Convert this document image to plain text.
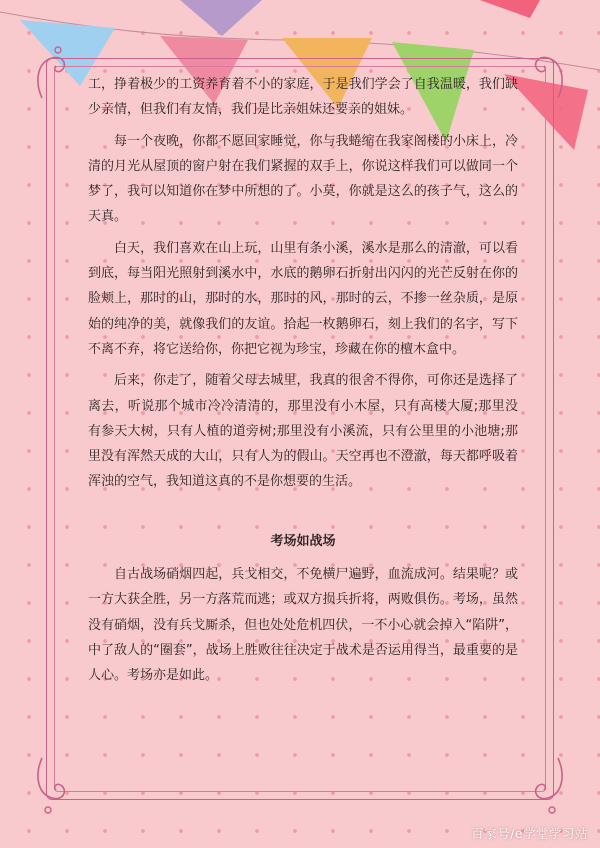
工，挣着极少的工资养育着不小的家庭，于是我们学会了自我温暖，我们缺少亲情，但我们有友情，我们是比亲姐妹还要亲的姐妹。

每一个夜晚，你都不愿回家睡觉，你与我蜷缩在我家阁楼的小床上，冷清的月光从屋顶的窗户射在我们紧握的双手上，你说这样我们可以做同一个梦了，我可以知道你在梦中所想的了。小莫，你就是这么的孩子气，这么的天真。

白天，我们喜欢在山上玩，山里有条小溪，溪水是那么的清澈，可以看到底，每当阳光照射到溪水中，水底的鹅卵石折射出闪闪的光芒反射在你的脸颊上，那时的山，那时的水，那时的风，那时的云，不掺一丝杂质，是原始的纯净的美，就像我们的友谊。拾起一枚鹅卵石，刻上我们的名字，写下不离不弃，将它送给你，你把它视为珍宝，珍藏在你的檀木盒中。

后来，你走了，随着父母去城里，我真的很舍不得你，可你还是选择了离去，听说那个城市冷冷清清的，那里没有小木屋，只有高楼大厦;那里没有参天大树，只有人植的道旁树;那里没有小溪流，只有公里里的小池塘;那里没有浑然天成的大山，只有人为的假山。天空再也不澄澈，每天都呼吸着浑浊的空气，我知道这真的不是你想要的生活。

考场如战场

自古战场硝烟四起，兵戈相交，不免横尸遍野，血流成河。结果呢？或一方大获全胜，另一方落荒而逃；或双方损兵折将，两败俱伤。考场，虽然没有硝烟，没有兵戈厮杀，但也处处危机四伏，一不小心就会掉入“陷阱”，中了敌人的“圈套”，战场上胜败往往决定于战术是否运用得当，最重要的是人心。考场亦是如此。

百家号/e学堂学习站
